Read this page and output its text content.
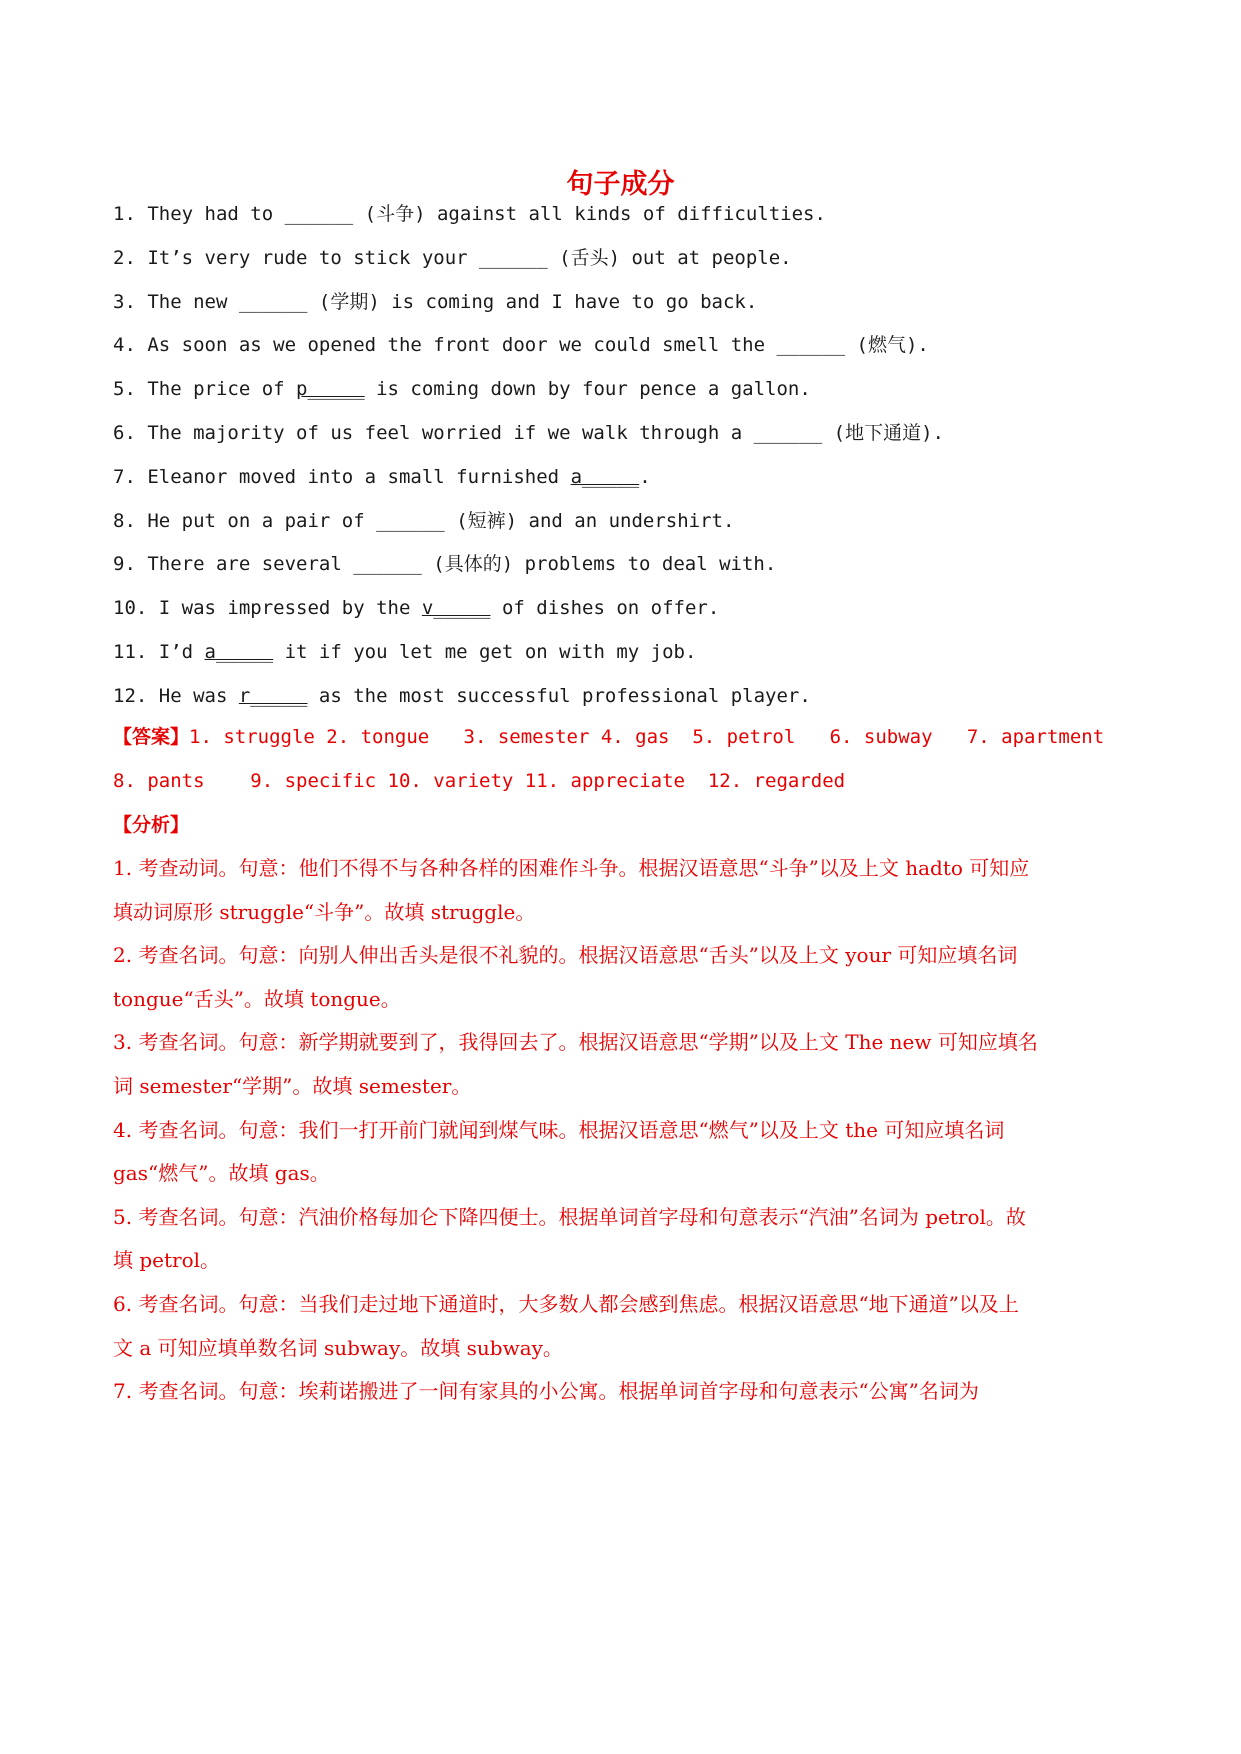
句子成分
1. They had to ______ (斗争) against all kinds of difficulties.
2. It’s very rude to stick your ______ (舌头) out at people.
3. The new ______ (学期) is coming and I have to go back.
4. As soon as we opened the front door we could smell the ______ (燃气).
5. The price of p_____ is coming down by four pence a gallon.
6. The majority of us feel worried if we walk through a ______ (地下通道).
7. Eleanor moved into a small furnished a_____.
8. He put on a pair of ______ (短裤) and an undershirt.
9. There are several ______ (具体的) problems to deal with.
10. I was impressed by the v_____ of dishes on offer.
11. I’d a_____ it if you let me get on with my job.
12. He was r_____ as the most successful professional player.
【答案】1. struggle 2. tongue   3. semester 4. gas  5. petrol   6. subway   7. apartment
8. pants    9. specific 10. variety 11. appreciate  12. regarded
【分析】
1. 考查动词。句意：他们不得不与各种各样的困难作斗争。根据汉语意思“斗争”以及上文 hadto 可知应
填动词原形 struggle“斗争”。故填 struggle。
2. 考查名词。句意：向别人伸出舌头是很不礼貌的。根据汉语意思“舌头”以及上文 your 可知应填名词
tongue“舌头”。故填 tongue。
3. 考查名词。句意：新学期就要到了，我得回去了。根据汉语意思“学期”以及上文 The new 可知应填名
词 semester“学期”。故填 semester。
4. 考查名词。句意：我们一打开前门就闻到煤气味。根据汉语意思“燃气”以及上文 the 可知应填名词
gas“燃气”。故填 gas。
5. 考查名词。句意：汽油价格每加仑下降四便士。根据单词首字母和句意表示“汽油”名词为 petrol。故
填 petrol。
6. 考查名词。句意：当我们走过地下通道时，大多数人都会感到焦虑。根据汉语意思“地下通道”以及上
文 a 可知应填单数名词 subway。故填 subway。
7. 考查名词。句意：埃莉诺搬进了一间有家具的小公寓。根据单词首字母和句意表示“公寓”名词为
